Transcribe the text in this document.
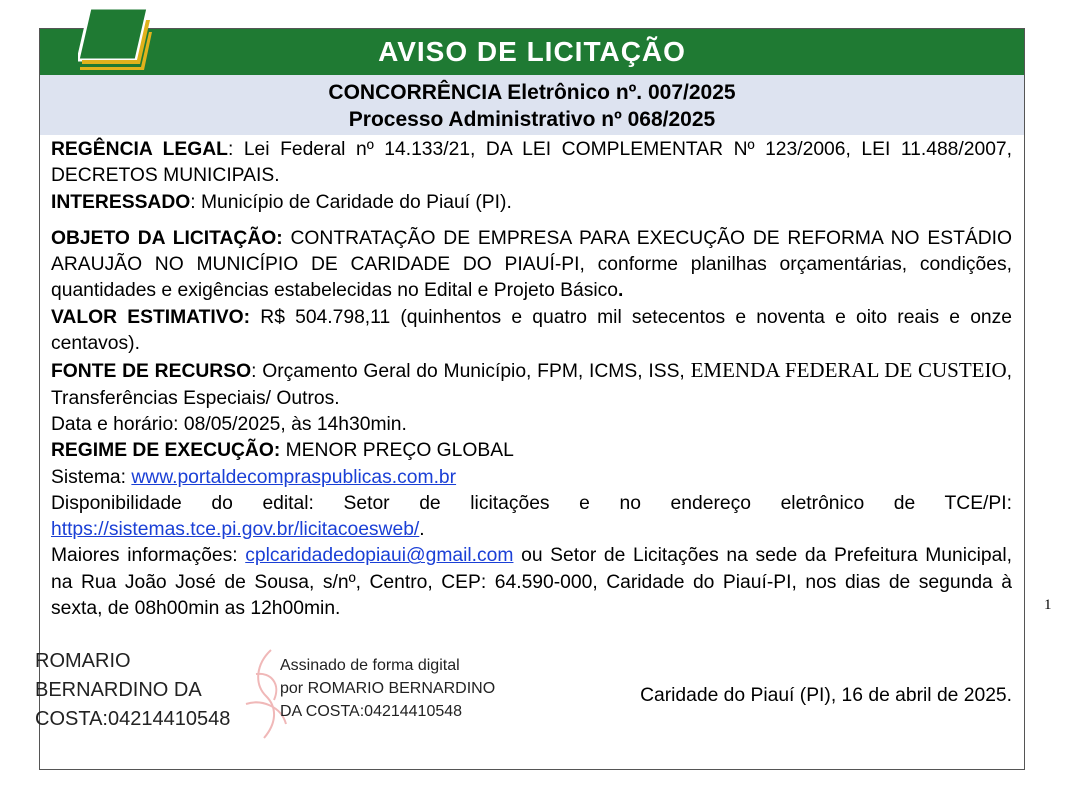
AVISO DE LICITAÇÃO
CONCORRÊNCIA Eletrônico nº. 007/2025
Processo Administrativo nº 068/2025

REGÊNCIA LEGAL: Lei Federal nº 14.133/21, DA LEI COMPLEMENTAR Nº 123/2006, LEI 11.488/2007, DECRETOS MUNICIPAIS.

INTERESSADO: Município de Caridade do Piauí (PI).

OBJETO DA LICITAÇÃO: CONTRATAÇÃO DE EMPRESA PARA EXECUÇÃO DE REFORMA NO ESTÁDIO ARAUJÃO NO MUNICÍPIO DE CARIDADE DO PIAUÍ-PI, conforme planilhas orçamentárias, condições, quantidades e exigências estabelecidas no Edital e Projeto Básico.

VALOR ESTIMATIVO: R$ 504.798,11 (quinhentos e quatro mil setecentos e noventa e oito reais e onze centavos).

FONTE DE RECURSO: Orçamento Geral do Município, FPM, ICMS, ISS, EMENDA FEDERAL DE CUSTEIO, Transferências Especiais/ Outros.

Data e horário: 08/05/2025, às 14h30min.

REGIME DE EXECUÇÃO: MENOR PREÇO GLOBAL

Sistema: www.portaldecompraspublicas.com.br

Disponibilidade do edital: Setor de licitações e no endereço eletrônico de TCE/PI: https://sistemas.tce.pi.gov.br/licitacoesweb/.

Maiores informações: cplcaridadedopiaui@gmail.com ou Setor de Licitações na sede da Prefeitura Municipal, na Rua João José de Sousa, s/nº, Centro, CEP: 64.590-000, Caridade do Piauí-PI, nos dias de segunda à sexta, de 08h00min as 12h00min.

Caridade do Piauí (PI), 16 de abril de 2025.
ROMARIO
BERNARDINO DA
COSTA:04214410548
Assinado de forma digital
por ROMARIO BERNARDINO
DA COSTA:04214410548
1
